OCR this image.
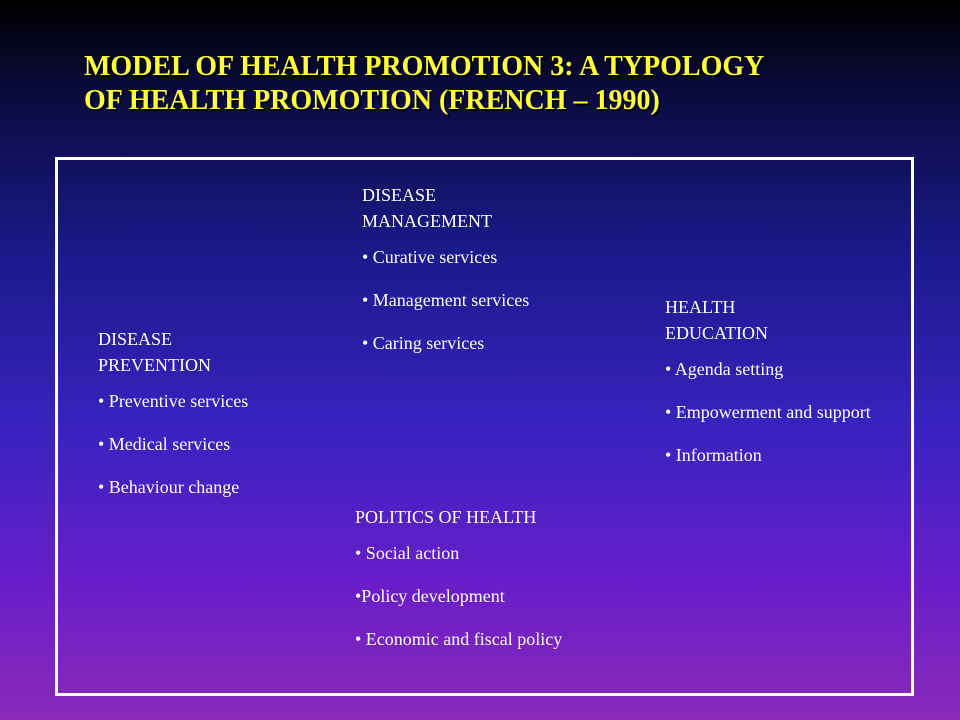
MODEL OF HEALTH PROMOTION 3: A TYPOLOGY
OF HEALTH PROMOTION (FRENCH – 1990)
DISEASE
MANAGEMENT
• Curative services
• Management services
• Caring services
DISEASE
PREVENTION
• Preventive services
• Medical services
• Behaviour change
HEALTH
EDUCATION
• Agenda setting
• Empowerment and support
• Information
POLITICS OF HEALTH
• Social action
•Policy development
• Economic and fiscal policy
